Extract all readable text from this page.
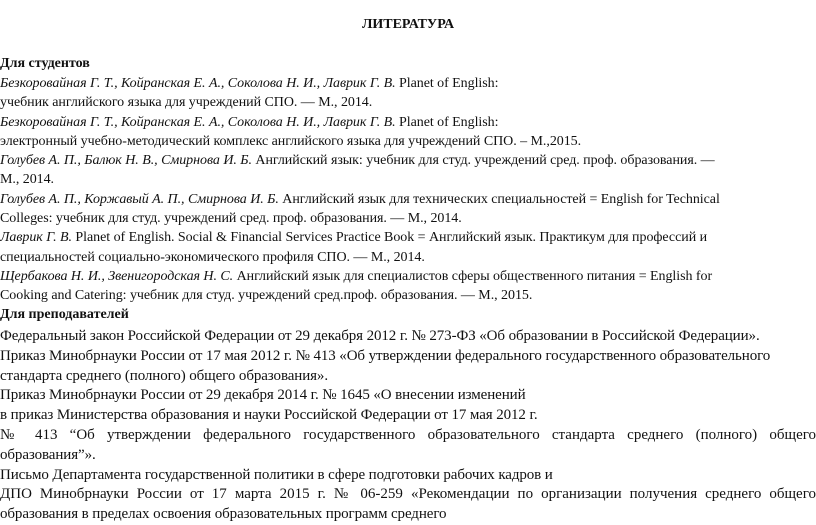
ЛИТЕРАТУРА
Для студентов
Безкоровайная Г. Т., Койранская Е. А., Соколова Н. И., Лаврик Г. В. Planet of English:
учебник английского языка для учреждений СПО. — М., 2014.
Безкоровайная Г. Т., Койранская Е. А., Соколова Н. И., Лаврик Г. В. Planet of English:
электронный учебно-методический комплекс английского языка для учреждений СПО. – М.,2015.
Голубев А. П., Балюк Н. В., Смирнова И. Б. Английский язык: учебник для студ. учреждений сред. проф. образования. —
М., 2014.
Голубев А. П., Коржавый А. П., Смирнова И. Б. Английский язык для технических специальностей = English for Technical
Colleges: учебник для студ. учреждений сред. проф. образования. — М., 2014.
Лаврик Г. В. Planet of English. Social & Financial Services Practice Book = Английский язык. Практикум для профессий и
специальностей социально-экономического профиля СПО. — М., 2014.
Щербакова Н. И., Звенигородская Н. С. Английский язык для специалистов сферы общественного питания = English for
Cooking and Catering: учебник для студ. учреждений сред.проф. образования. — М., 2015.
Для преподавателей
Федеральный закон Российской Федерации от 29 декабря 2012 г. № 273-ФЗ «Об образовании в Российской Федерации».
Приказ Минобрнауки России от 17 мая 2012 г. № 413 «Об утверждении федерального государственного образовательного
стандарта среднего (полного) общего образования».
Приказ Минобрнауки России от 29 декабря 2014 г. № 1645 «О внесении изменений
в приказ Министерства образования и науки Российской Федерации от 17 мая 2012 г.
№ 413 “Об утверждении федерального государственного образовательного стандарта среднего (полного) общего
образования”».
Письмо Департамента государственной политики в сфере подготовки рабочих кадров и
ДПО Минобрнауки России от 17 марта 2015 г. № 06-259 «Рекомендации по организации получения среднего общего
образования в пределах освоения образовательных программ среднего
